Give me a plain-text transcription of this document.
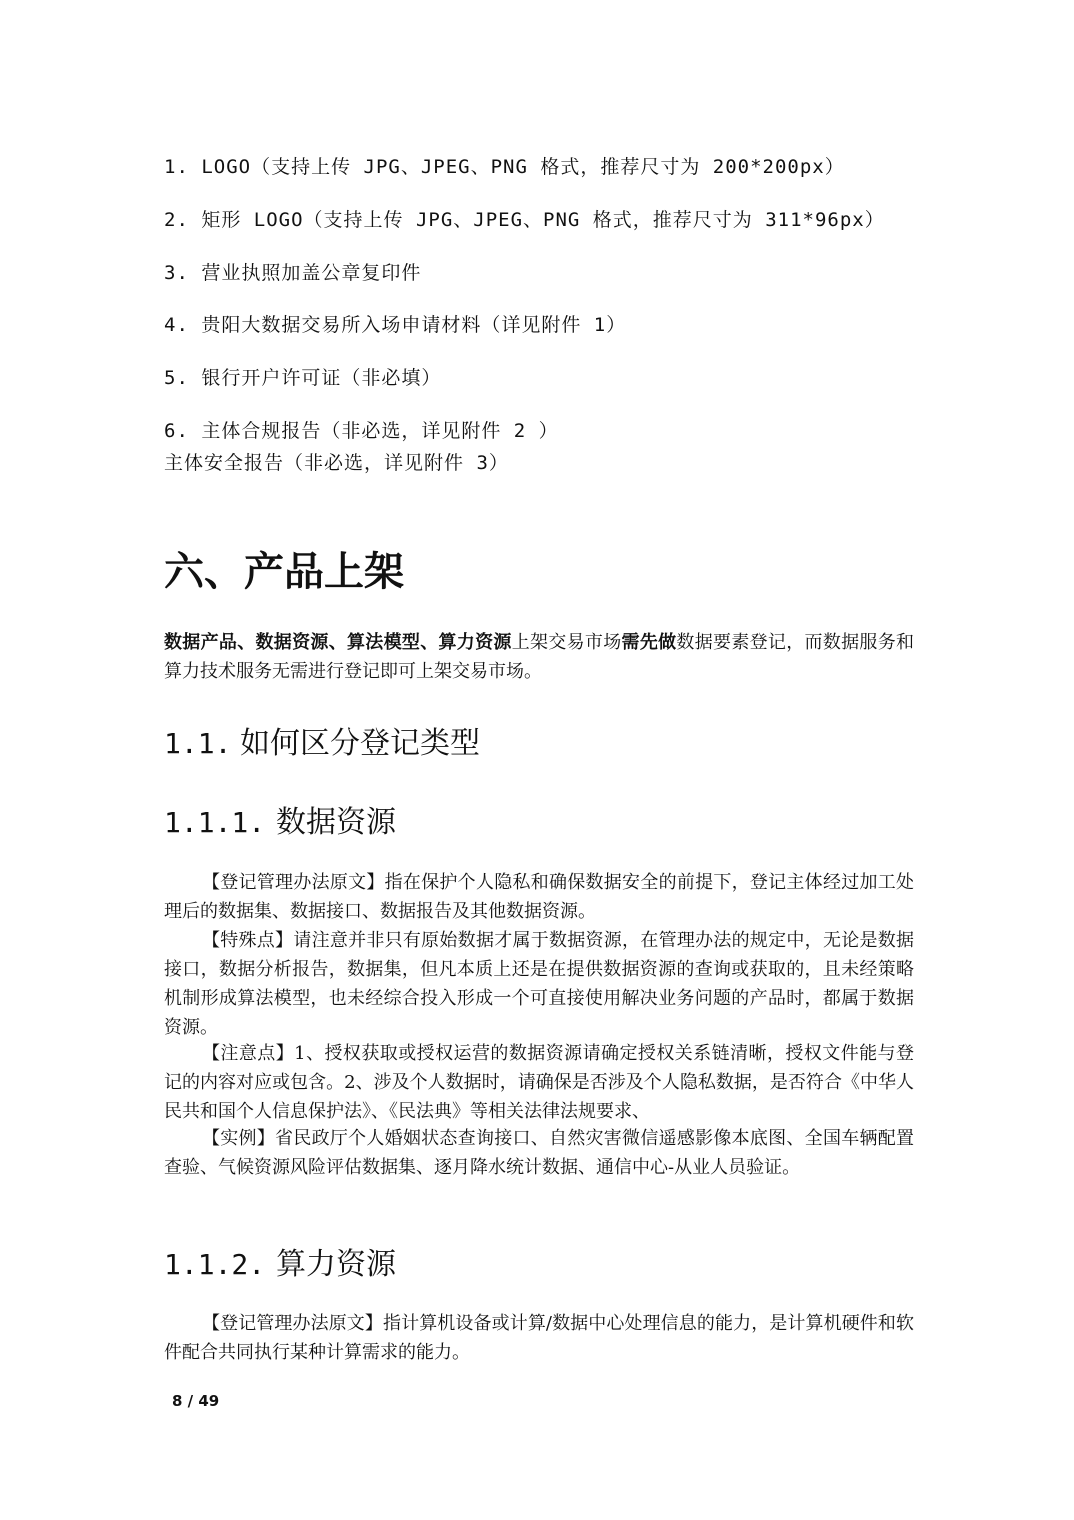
1. LOGO（支持上传 JPG、JPEG、PNG 格式，推荐尺寸为 200*200px）
2. 矩形 LOGO（支持上传 JPG、JPEG、PNG 格式，推荐尺寸为 311*96px）
3. 营业执照加盖公章复印件
4. 贵阳大数据交易所入场申请材料（详见附件 1）
5. 银行开户许可证（非必填）
6. 主体合规报告（非必选，详见附件 2 ）
主体安全报告（非必选，详见附件 3）
六、产品上架
数据产品、数据资源、算法模型、算力资源上架交易市场需先做数据要素登记，而数据服务和算力技术服务无需进行登记即可上架交易市场。
1.1. 如何区分登记类型
1.1.1. 数据资源
【登记管理办法原文】指在保护个人隐私和确保数据安全的前提下，登记主体经过加工处理后的数据集、数据接口、数据报告及其他数据资源。
【特殊点】请注意并非只有原始数据才属于数据资源，在管理办法的规定中，无论是数据接口，数据分析报告，数据集，但凡本质上还是在提供数据资源的查询或获取的，且未经策略机制形成算法模型，也未经综合投入形成一个可直接使用解决业务问题的产品时，都属于数据资源。
【注意点】1、授权获取或授权运营的数据资源请确定授权关系链清晰，授权文件能与登记的内容对应或包含。2、涉及个人数据时，请确保是否涉及个人隐私数据，是否符合《中华人民共和国个人信息保护法》、《民法典》等相关法律法规要求、
【实例】省民政厅个人婚姻状态查询接口、自然灾害微信遥感影像本底图、全国车辆配置查验、气候资源风险评估数据集、逐月降水统计数据、通信中心-从业人员验证。
1.1.2. 算力资源
【登记管理办法原文】指计算机设备或计算/数据中心处理信息的能力，是计算机硬件和软件配合共同执行某种计算需求的能力。
8 / 49
